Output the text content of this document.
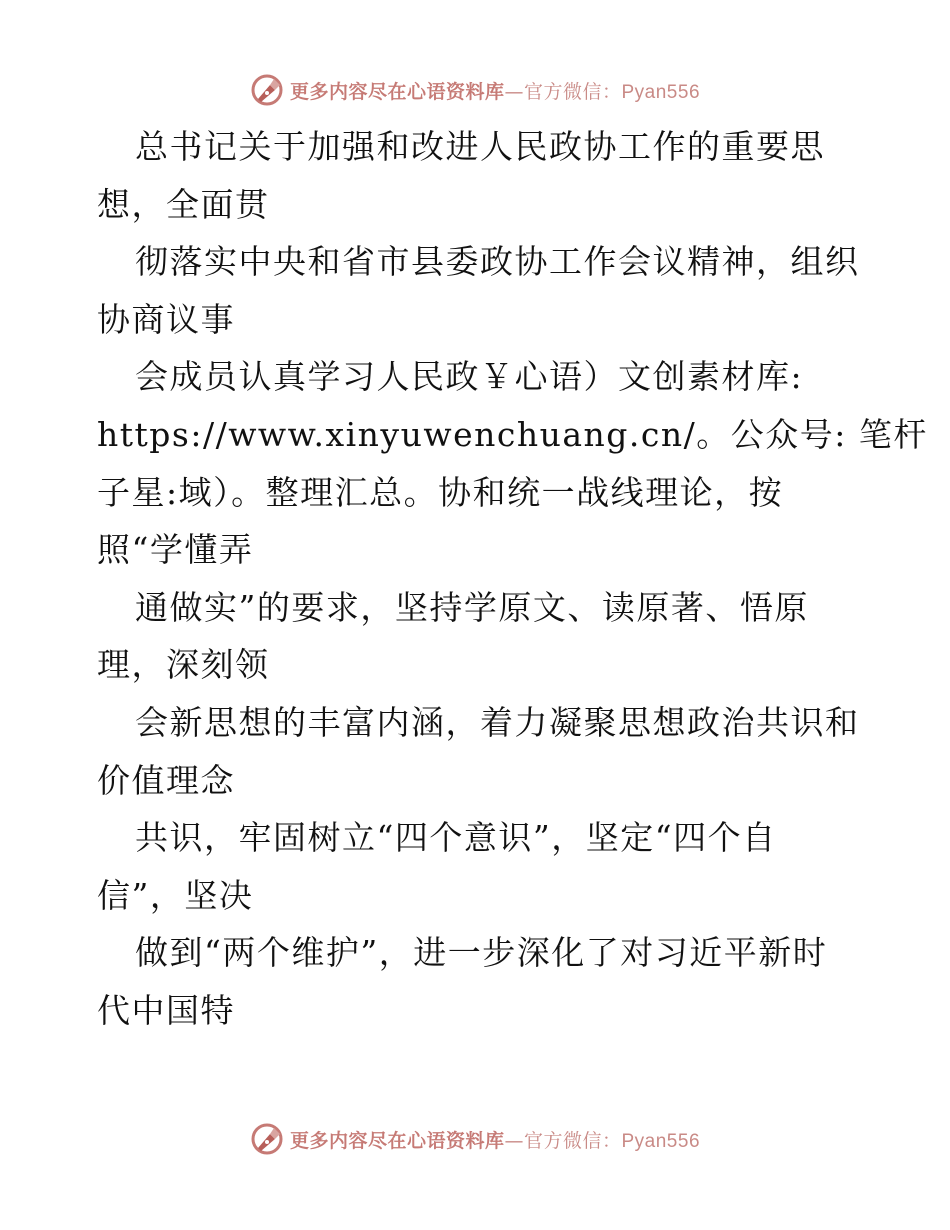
更多内容尽在心语资料库—官方微信：Pyan556
总书记关于加强和改进人民政协工作的重要思
想，全面贯
彻落实中央和省市县委政协工作会议精神，组织
协商议事
会成员认真学习人民政￥心语）文创素材库:
https://www.xinyuwenchuang.cn/。公众号: 笔杆
子星:域）。整理汇总。协和统一战线理论，按
照“学懂弄
通做实”的要求，坚持学原文、读原著、悟原
理，深刻领
会新思想的丰富内涵，着力凝聚思想政治共识和
价值理念
共识，牢固树立“四个意识”，坚定“四个自
信”，坚决
做到“两个维护”，进一步深化了对习近平新时
代中国特
更多内容尽在心语资料库—官方微信：Pyan556
